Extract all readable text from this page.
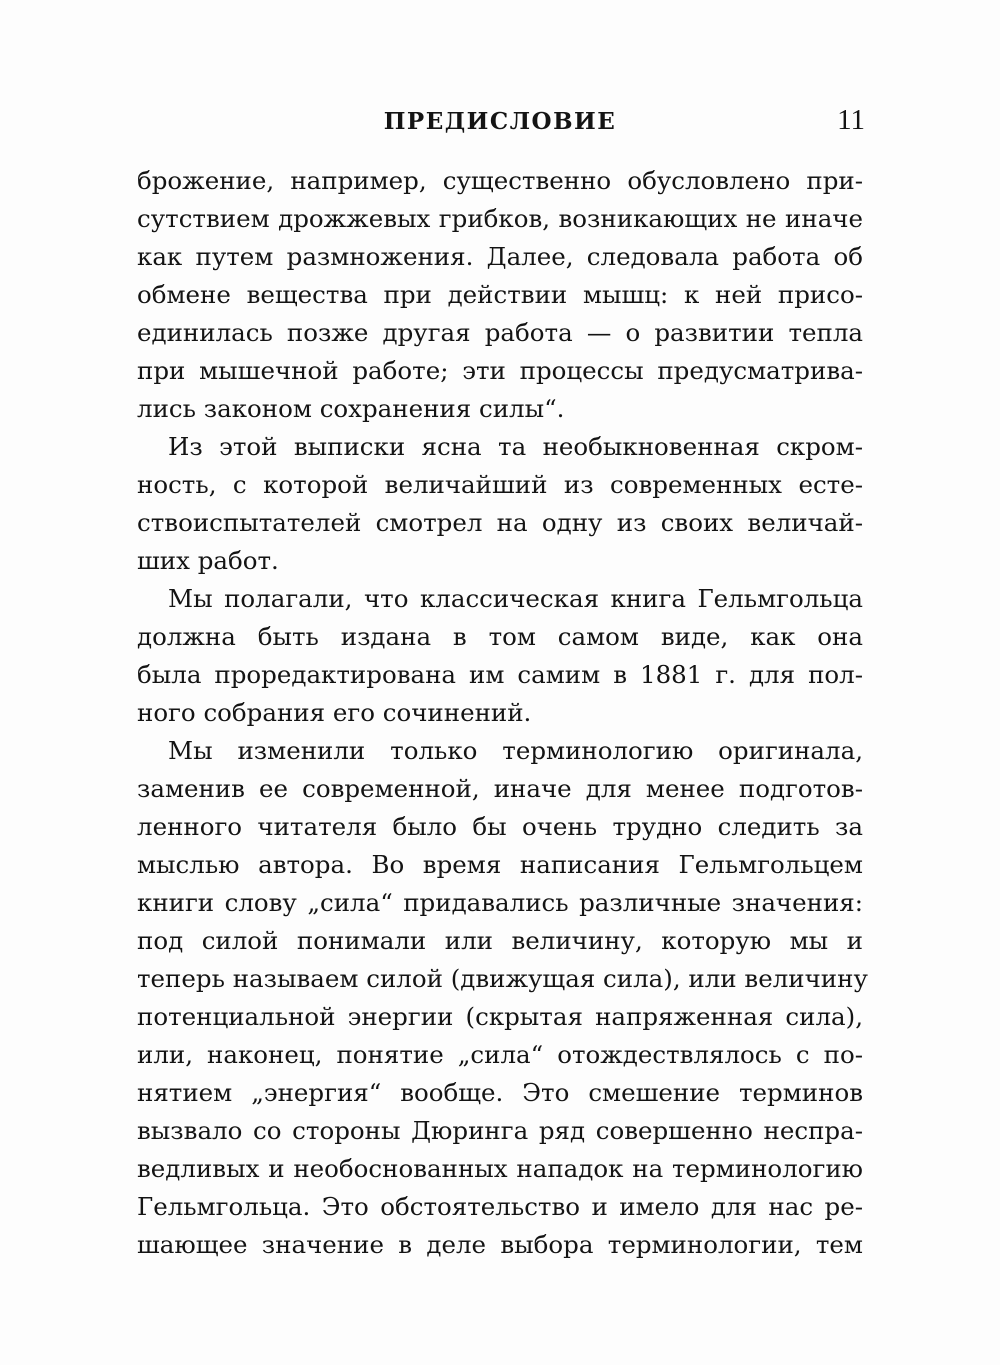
ПРЕДИСЛОВИЕ	11
брожение, например, существенно обусловлено при-
сутствием дрожжевых грибков, возникающих не иначе
как путем размножения. Далее, следовала работа об
обмене вещества при действии мышц: к ней присо-
единилась позже другая работа — о развитии тепла
при мышечной работе; эти процессы предусматрива-
лись законом сохранения силы“.
Из этой выписки ясна та необыкновенная скром-
ность, с которой величайший из современных есте-
ствоиспытателей смотрел на одну из своих величай-
ших работ.
Мы полагали, что классическая книга Гельмгольца
должна быть издана в том самом виде, как она
была проредактирована им самим в 1881 г. для пол-
ного собрания его сочинений.
Мы изменили только терминологию оригинала,
заменив ее современной, иначе для менее подготов-
ленного читателя было бы очень трудно следить за
мыслью автора. Во время написания Гельмгольцем
книги слову „сила“ придавались различные значения:
под силой понимали или величину, которую мы и
теперь называем силой (движущая сила), или величину
потенциальной энергии (скрытая напряженная сила),
или, наконец, понятие „сила“ отождествлялось с по-
нятием „энергия“ вообще. Это смешение терминов
вызвало со стороны Дюринга ряд совершенно неспра-
ведливых и необоснованных нападок на терминологию
Гельмгольца. Это обстоятельство и имело для нас ре-
шающее значение в деле выбора терминологии, тем
